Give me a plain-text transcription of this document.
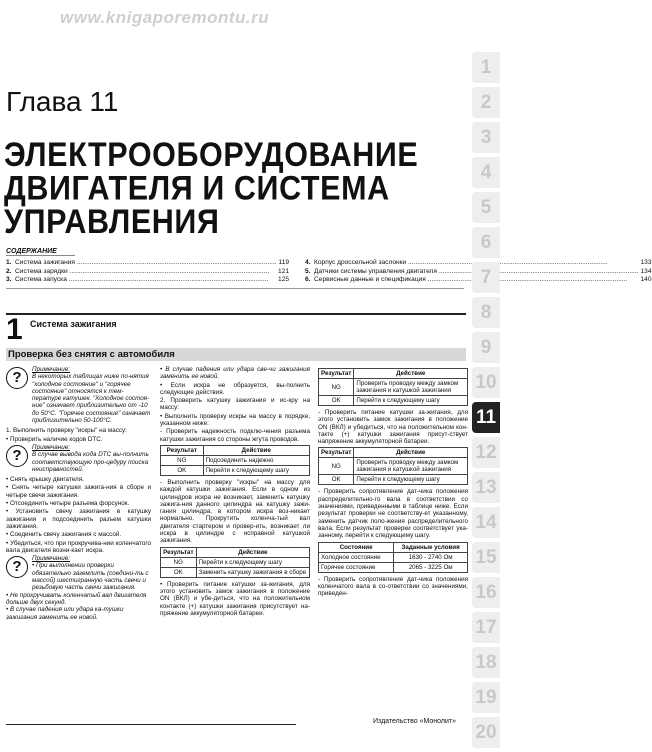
www.knigaporemontu.ru
Глава 11
ЭЛЕКТРООБОРУДОВАНИЕ
ДВИГАТЕЛЯ И СИСТЕМА
УПРАВЛЕНИЯ
СОДЕРЖАНИЕ
1. Система зажигания .....	119
2. Система зарядки .....	121
3. Система запуска .....	125
4. Корпус дроссельной заслонки .....	133
5. Датчики системы управления двигателя .....	134
6. Сервисные данные и спецификация .....	140
1 Система зажигания
Проверка без снятия с автомобиля
?	Примечание:
В некоторых таблицах ниже по-нятия "холодное состояние" и "горячее состояние" относятся к тем-пературе катушек. "Холодное состоя-ние" означает приблизительно от -10 до 50°С. "Горячее состояние" означает приблизительно 50-100°С.

1. Выполнить проверку "искры" на массу:

• Проверить наличие кодов DTC.

?	Примечание:
В случае вывода кода DTC вы-полнить соответствующую про-цедуру поиска неисправностей.

• Снять крышку двигателя.

• Снять четыре катушки зажига-ния в сборе и четыре свечи зажигания.

• Отсоединить четыре разъема форсунок.

• Установить свечу зажигания в катушку зажигания и подсоединить разъем катушки зажигания.

• Соединить свечу зажигания с массой.

• Убедиться, что при прокручива-нии коленчатого вала двигателя возни-кает искра.

?	Примечание:
• При выполнении проверки обязательно заземлить (соедини-ть с массой) шестигранную часть свечи и резьбовую часть свечи зажигания.
• Не прокручивать коленчатый вал двигателя дольше двух секунд.
• В случае падения или удара ка-тушки зажигания заменить ее новой.

• В случае падения или удара све-чи зажигания заменить ее новой.

• Если искра не образуется, вы-полнить следующие действия.

2. Проверить катушку зажигания и ис-кру на массу:

• Выполнить проверку искры на массу в порядке, указанном ниже:

- Проверить надежность подклю-чения разъема катушки зажигания со стороны жгута проводов.

Результат	Действие
NG	Подсоединить надежно
OK	Перейти к следующему шагу

- Выполнить проверку "искры" на массу для каждой катушки зажигания. Если в одном из цилиндров искра не возникает, заменить катушку зажига-ния данного цилиндра на катушку зажи-гания цилиндра, в котором искра воз-никает нормально. Прокрутить коленча-тый вал двигателя стартером и провер-ить, возникает ли искра в цилиндре с исправной катушкой зажигания.

Результат	Действие
NG	Перейти к следующему шагу
OK	Заменить катушку зажигания в сборе

• Проверить питание катушки за-жигания, для этого установить замок зажигания в положение ON (ВКЛ) и убе-диться, что на положительном контакте (+) катушки зажигания присутствует на-пряжение аккумуляторной батареи.

Результат	Действие
NG	Проверить проводку между замком зажигания и катушкой зажигания
OK	Перейти к следующему шагу

- Проверить питание катушки за-жигания, для этого установить замок зажигания в положение ON (ВКЛ) и убедиться, что на положительном кон-такте (+) катушки зажигания присут-ствует напряжение аккумуляторной батареи.

Результат	Действие
NG	Проверить проводку между замком зажигания и катушкой зажигания
OK	Перейти к следующему шагу

- Проверить сопротивление дат-чика положения распределительно-го вала в соответствии со значениями, приведенными в таблице ниже. Если результат проверки не соответству-ет указанному, заменить датчик поло-жения распределительного вала. Если результат проверки соответствует ука-занному, перейти к следующему шагу.

Состояние	Заданные условия
Холодное состояние	1630 - 2740 Ом
Горячее состояние	2065 - 3225 Ом

- Проверить сопротивление дат-чика положения коленчатого вала в со-ответствии со значениями, приведен-

1
2
3
4
5
6
7
8
9
10
11
12
13
14
15
16
17
18
19
20
Издательство «Монолит»
